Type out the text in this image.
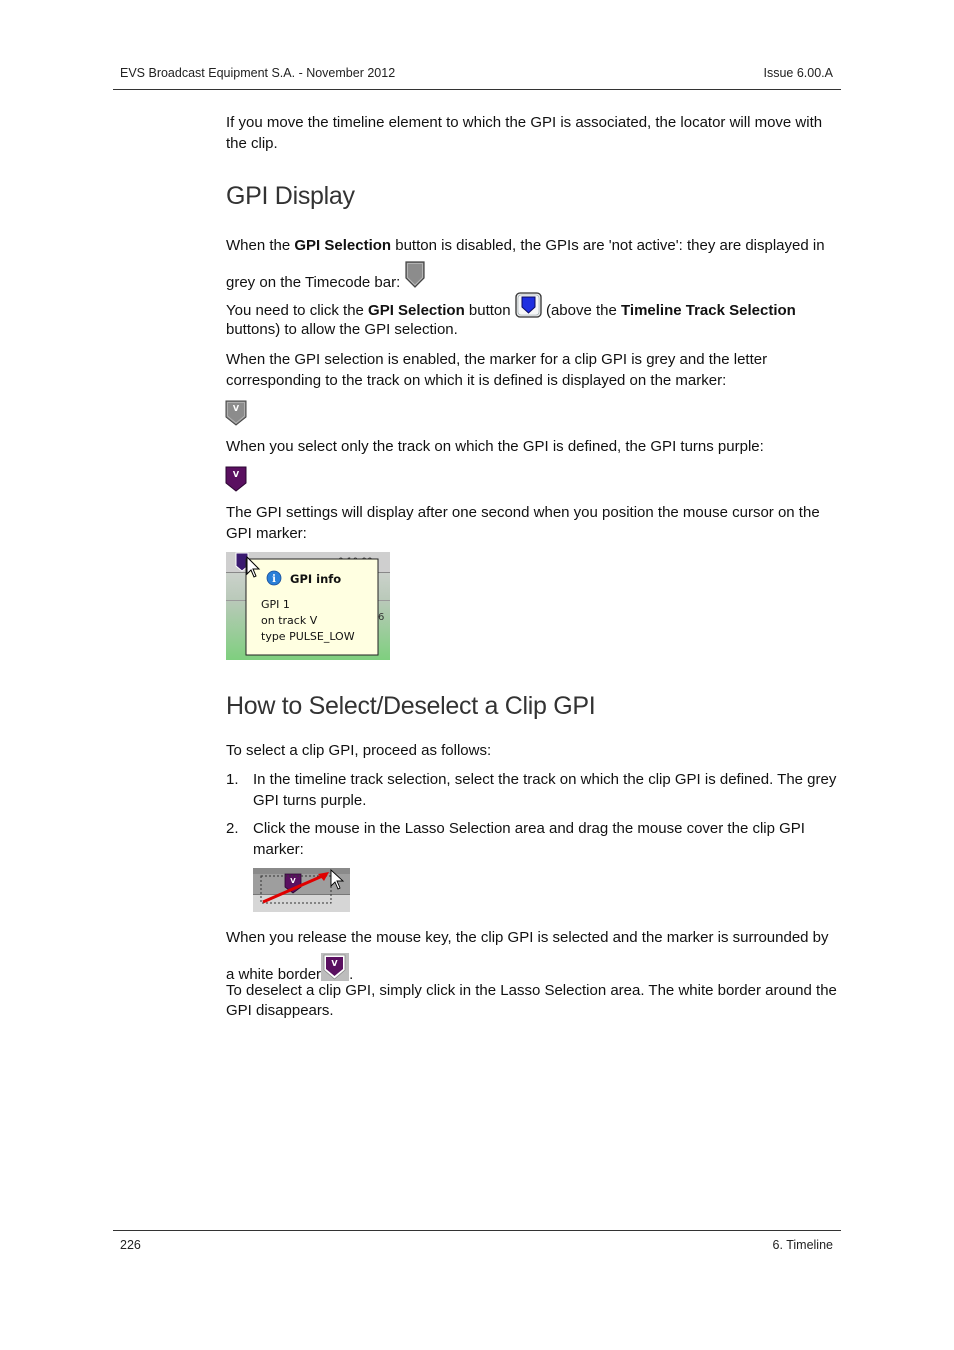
EVS Broadcast Equipment S.A. - November 2012	Issue 6.00.A
If you move the timeline element to which the GPI is associated, the locator will move with the clip.
GPI Display
When the GPI Selection button is disabled, the GPIs are 'not active': they are displayed in grey on the Timecode bar:
You need to click the GPI Selection button  (above the Timeline Track Selection buttons) to allow the GPI selection.
When the GPI selection is enabled, the marker for a clip GPI is grey and the letter corresponding to the track on which it is defined is displayed on the marker:
V
When you select only the track on which the GPI is defined, the GPI turns purple:
V
The GPI settings will display after one second when you position the mouse cursor on the GPI marker:
6
i GPI info
GPI 1
on track V
type PULSE_LOW
How to Select/Deselect a Clip GPI
To select a clip GPI, proceed as follows:
1. In the timeline track selection, select the track on which the clip GPI is defined. The grey GPI turns purple.
2. Click the mouse in the Lasso Selection area and drag the mouse cover the clip GPI marker:
V
When you release the mouse key, the clip GPI is selected and the marker is surrounded by a white border
V
.
To deselect a clip GPI, simply click in the Lasso Selection area. The white border around the GPI disappears.
226	6. Timeline
